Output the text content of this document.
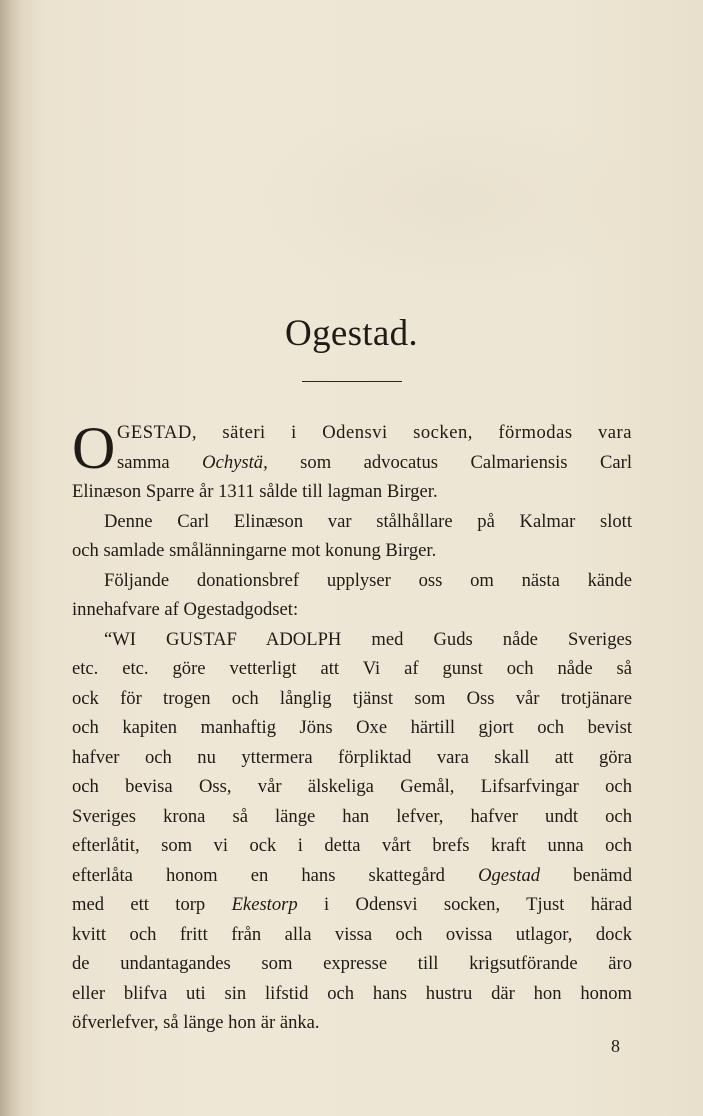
Ogestad.
O GESTAD, säteri i Odensvi socken, förmodas vara
samma Ochystä, som advocatus Calmariensis Carl
Elinæson Sparre år 1311 sålde till lagman Birger.
Denne Carl Elinæson var stålhållare på Kalmar slott
och samlade smålänningarne mot konung Birger.
Följande donationsbref upplyser oss om nästa kände
innehafvare af Ogestadgodset:
“WI GUSTAF ADOLPH med Guds nåde Sveriges
etc. etc. göre vetterligt att Vi af gunst och nåde så
ock för trogen och långlig tjänst som Oss vår trotjänare
och kapiten manhaftig Jöns Oxe härtill gjort och bevist
hafver och nu yttermera förpliktad vara skall att göra
och bevisa Oss, vår älskeliga Gemål, Lifsarfvingar och
Sveriges krona så länge han lefver, hafver undt och
efterlåtit, som vi ock i detta vårt brefs kraft unna och
efterlåta honom en hans skattegård Ogestad benämd
med ett torp Ekestorp i Odensvi socken, Tjust härad
kvitt och fritt från alla vissa och ovissa utlagor, dock
de undantagandes som expresse till krigsutförande äro
eller blifva uti sin lifstid och hans hustru där hon honom
öfverlefver, så länge hon är änka.
8
